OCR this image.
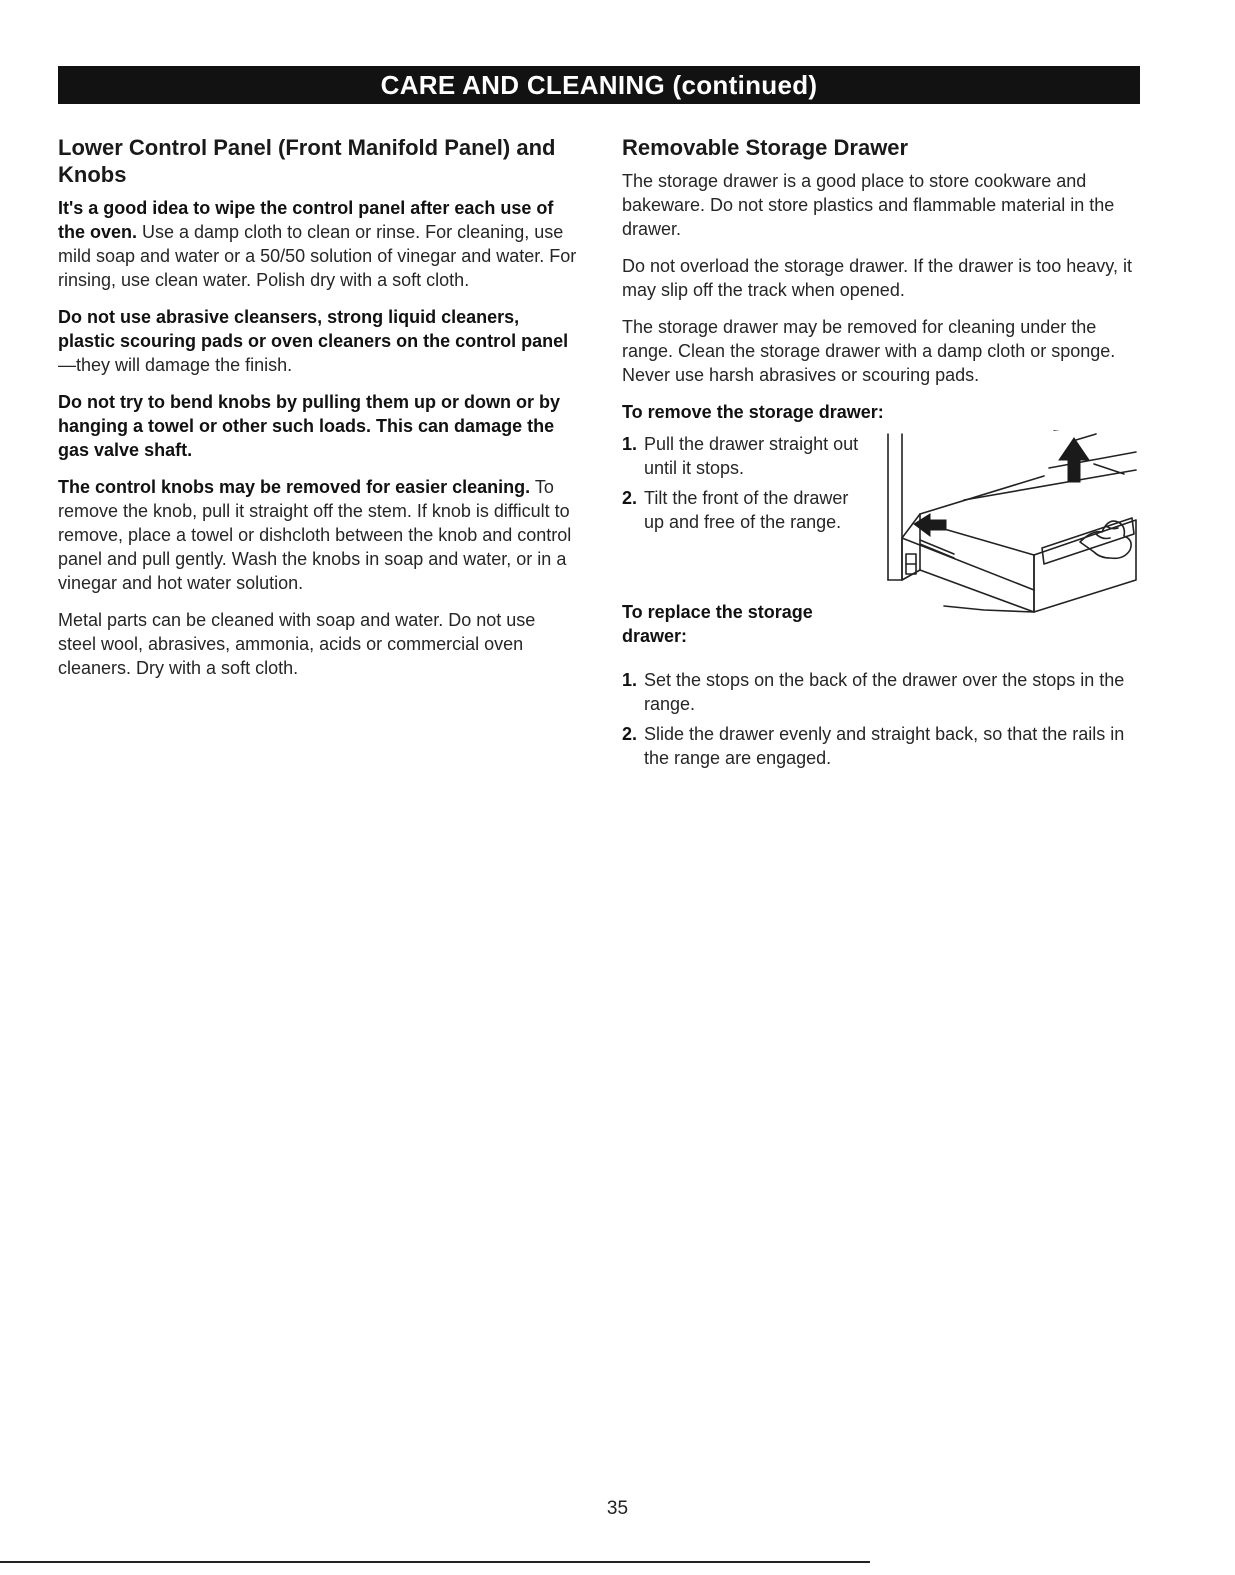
CARE AND CLEANING (continued)
Lower Control Panel (Front Manifold Panel) and Knobs

It's a good idea to wipe the control panel after each use of the oven. Use a damp cloth to clean or rinse. For cleaning, use mild soap and water or a 50/50 solution of vinegar and water. For rinsing, use clean water. Polish dry with a soft cloth.

Do not use abrasive cleansers, strong liquid cleaners, plastic scouring pads or oven cleaners on the control panel—they will damage the finish.

Do not try to bend knobs by pulling them up or down or by hanging a towel or other such loads. This can damage the gas valve shaft.

The control knobs may be removed for easier cleaning. To remove the knob, pull it straight off the stem. If knob is difficult to remove, place a towel or dishcloth between the knob and control panel and pull gently. Wash the knobs in soap and water, or in a vinegar and hot water solution.

Metal parts can be cleaned with soap and water. Do not use steel wool, abrasives, ammonia, acids or commercial oven cleaners. Dry with a soft cloth.

Removable Storage Drawer

The storage drawer is a good place to store cookware and bakeware. Do not store plastics and flammable material in the drawer.

Do not overload the storage drawer. If the drawer is too heavy, it may slip off the track when opened.

The storage drawer may be removed for cleaning under the range. Clean the storage drawer with a damp cloth or sponge. Never use harsh abrasives or scouring pads.

To remove the storage drawer:
1. Pull the drawer straight out until it stops.
2. Tilt the front of the drawer up and free of the range.
To replace the storage drawer:
1. Set the stops on the back of the drawer over the stops in the range.
2. Slide the drawer evenly and straight back, so that the rails in the range are engaged.
35
